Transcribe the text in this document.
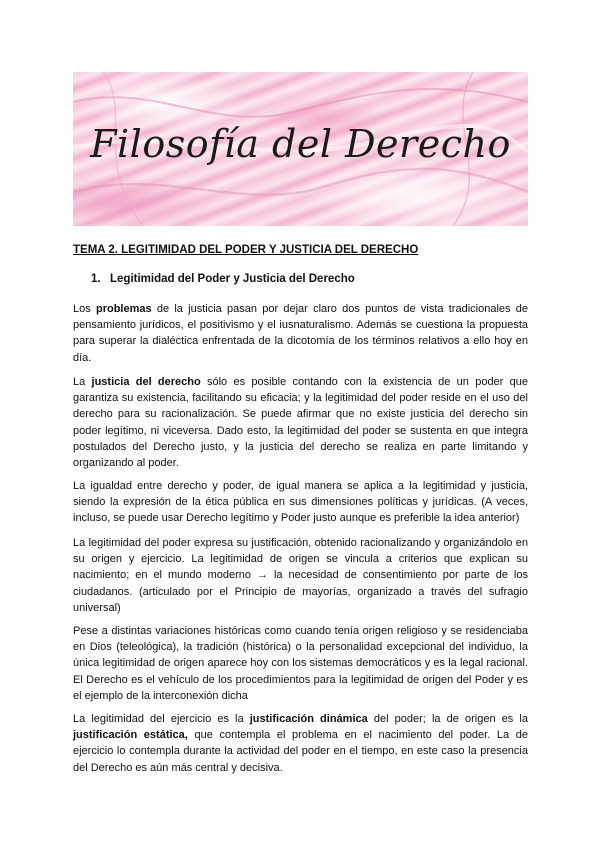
Filosofía del Derecho
TEMA 2. LEGITIMIDAD DEL PODER Y JUSTICIA DEL DERECHO
1. Legitimidad del Poder y Justicia del Derecho
Los problemas de la justicia pasan por dejar claro dos puntos de vista tradicionales de pensamiento jurídicos, el positivismo y el iusnaturalismo. Además se cuestiona la propuesta para superar la dialéctica enfrentada de la dicotomía de los términos relativos a ello hoy en día.
La justicia del derecho sólo es posible contando con la existencia de un poder que garantiza su existencia, facilitando su eficacia; y la legitimidad del poder reside en el uso del derecho para su racionalización. Se puede afirmar que no existe justicia del derecho sin poder legítimo, ni viceversa. Dado esto, la legitimidad del poder se sustenta en que integra postulados del Derecho justo, y la justicia del derecho se realiza en parte limitando y organizando al poder.
La igualdad entre derecho y poder, de igual manera se aplica a la legitimidad y justicia, siendo la expresión de la ética pública en sus dimensiones políticas y jurídicas. (A veces, incluso, se puede usar Derecho legítimo y Poder justo aunque es preferible la idea anterior)
La legitimidad del poder expresa su justificación, obtenido racionalizando y organizándolo en su origen y ejercicio. La legitimidad de origen se vincula a criterios que explican su nacimiento; en el mundo moderno → la necesidad de consentimiento por parte de los ciudadanos. (articulado por el Principio de mayorías, organizado a través del sufragio universal)
Pese a distintas variaciones históricas como cuando tenía origen religioso y se residenciaba en Dios (teleológica), la tradición (histórica) o la personalidad excepcional del individuo, la única legitimidad de origen aparece hoy con los sistemas democráticos y es la legal racional. El Derecho es el vehículo de los procedimientos para la legitimidad de origen del Poder y es el ejemplo de la interconexión dicha
La legitimidad del ejercicio es la justificación dinámica del poder; la de origen es la justificación estática, que contempla el problema en el nacimiento del poder. La de ejercicio lo contempla durante la actividad del poder en el tiempo, en este caso la presencia del Derecho es aún más central y decisiva.
